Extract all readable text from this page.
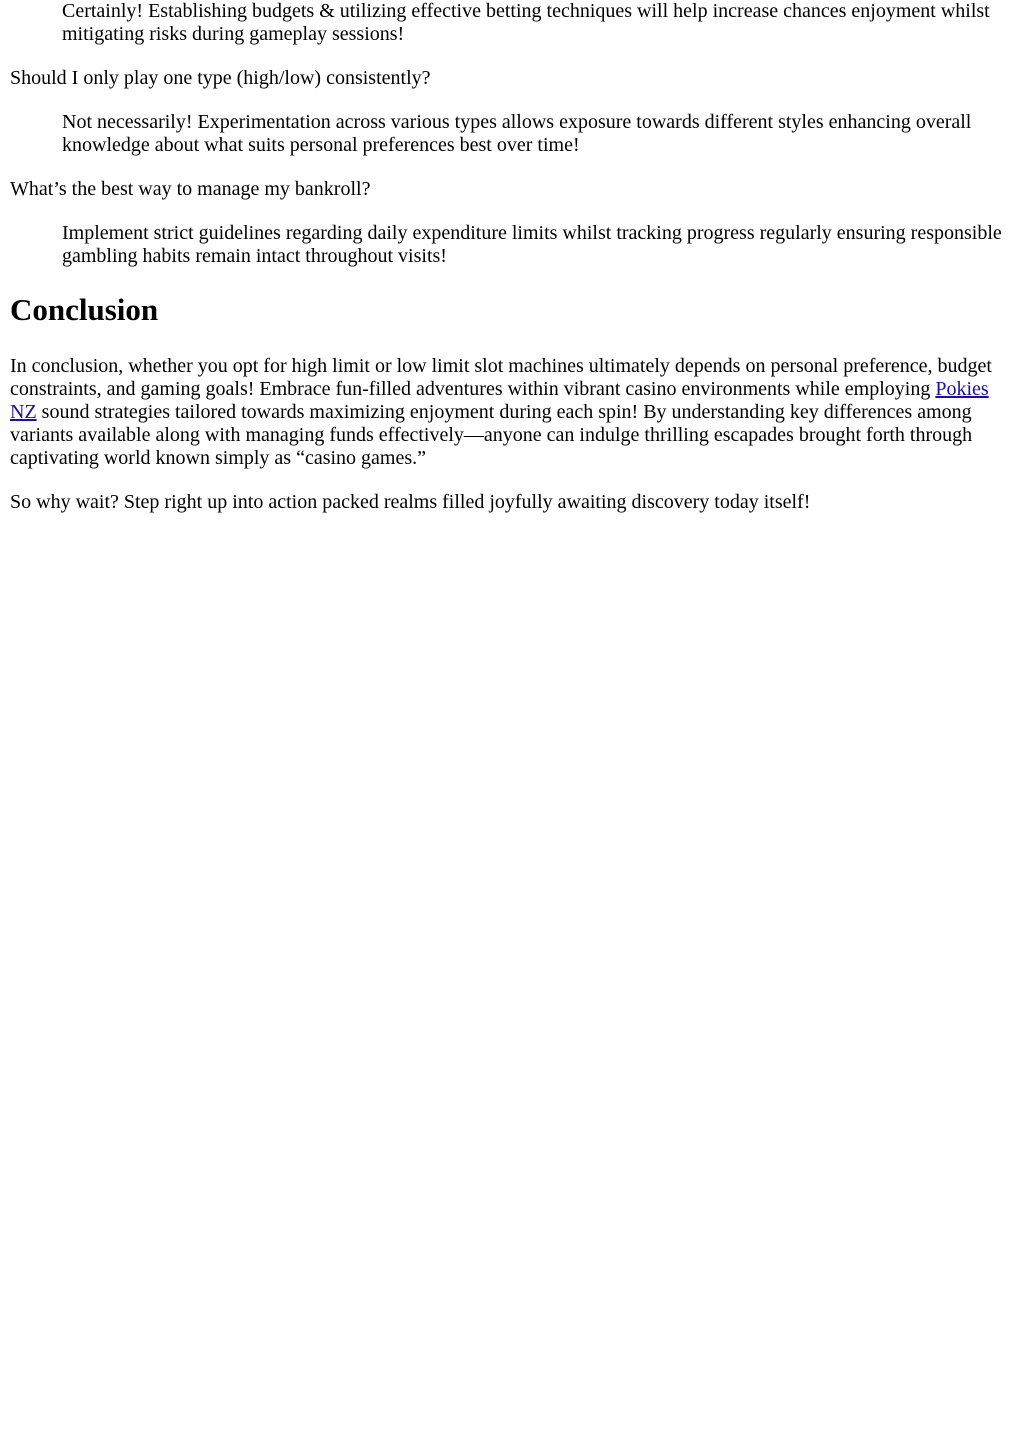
Certainly! Establishing budgets & utilizing effective betting techniques will help increase chances enjoyment whilst mitigating risks during gameplay sessions!

Should I only play one type (high/low) consistently?

Not necessarily! Experimentation across various types allows exposure towards different styles enhancing overall knowledge about what suits personal preferences best over time!

What’s the best way to manage my bankroll?

Implement strict guidelines regarding daily expenditure limits whilst tracking progress regularly ensuring responsible gambling habits remain intact throughout visits!

Conclusion

In conclusion, whether you opt for high limit or low limit slot machines ultimately depends on personal preference, budget constraints, and gaming goals! Embrace fun-filled adventures within vibrant casino environments while employing Pokies NZ sound strategies tailored towards maximizing enjoyment during each spin! By understanding key differences among variants available along with managing funds effectively—anyone can indulge thrilling escapades brought forth through captivating world known simply as “casino games.”

So why wait? Step right up into action packed realms filled joyfully awaiting discovery today itself!
